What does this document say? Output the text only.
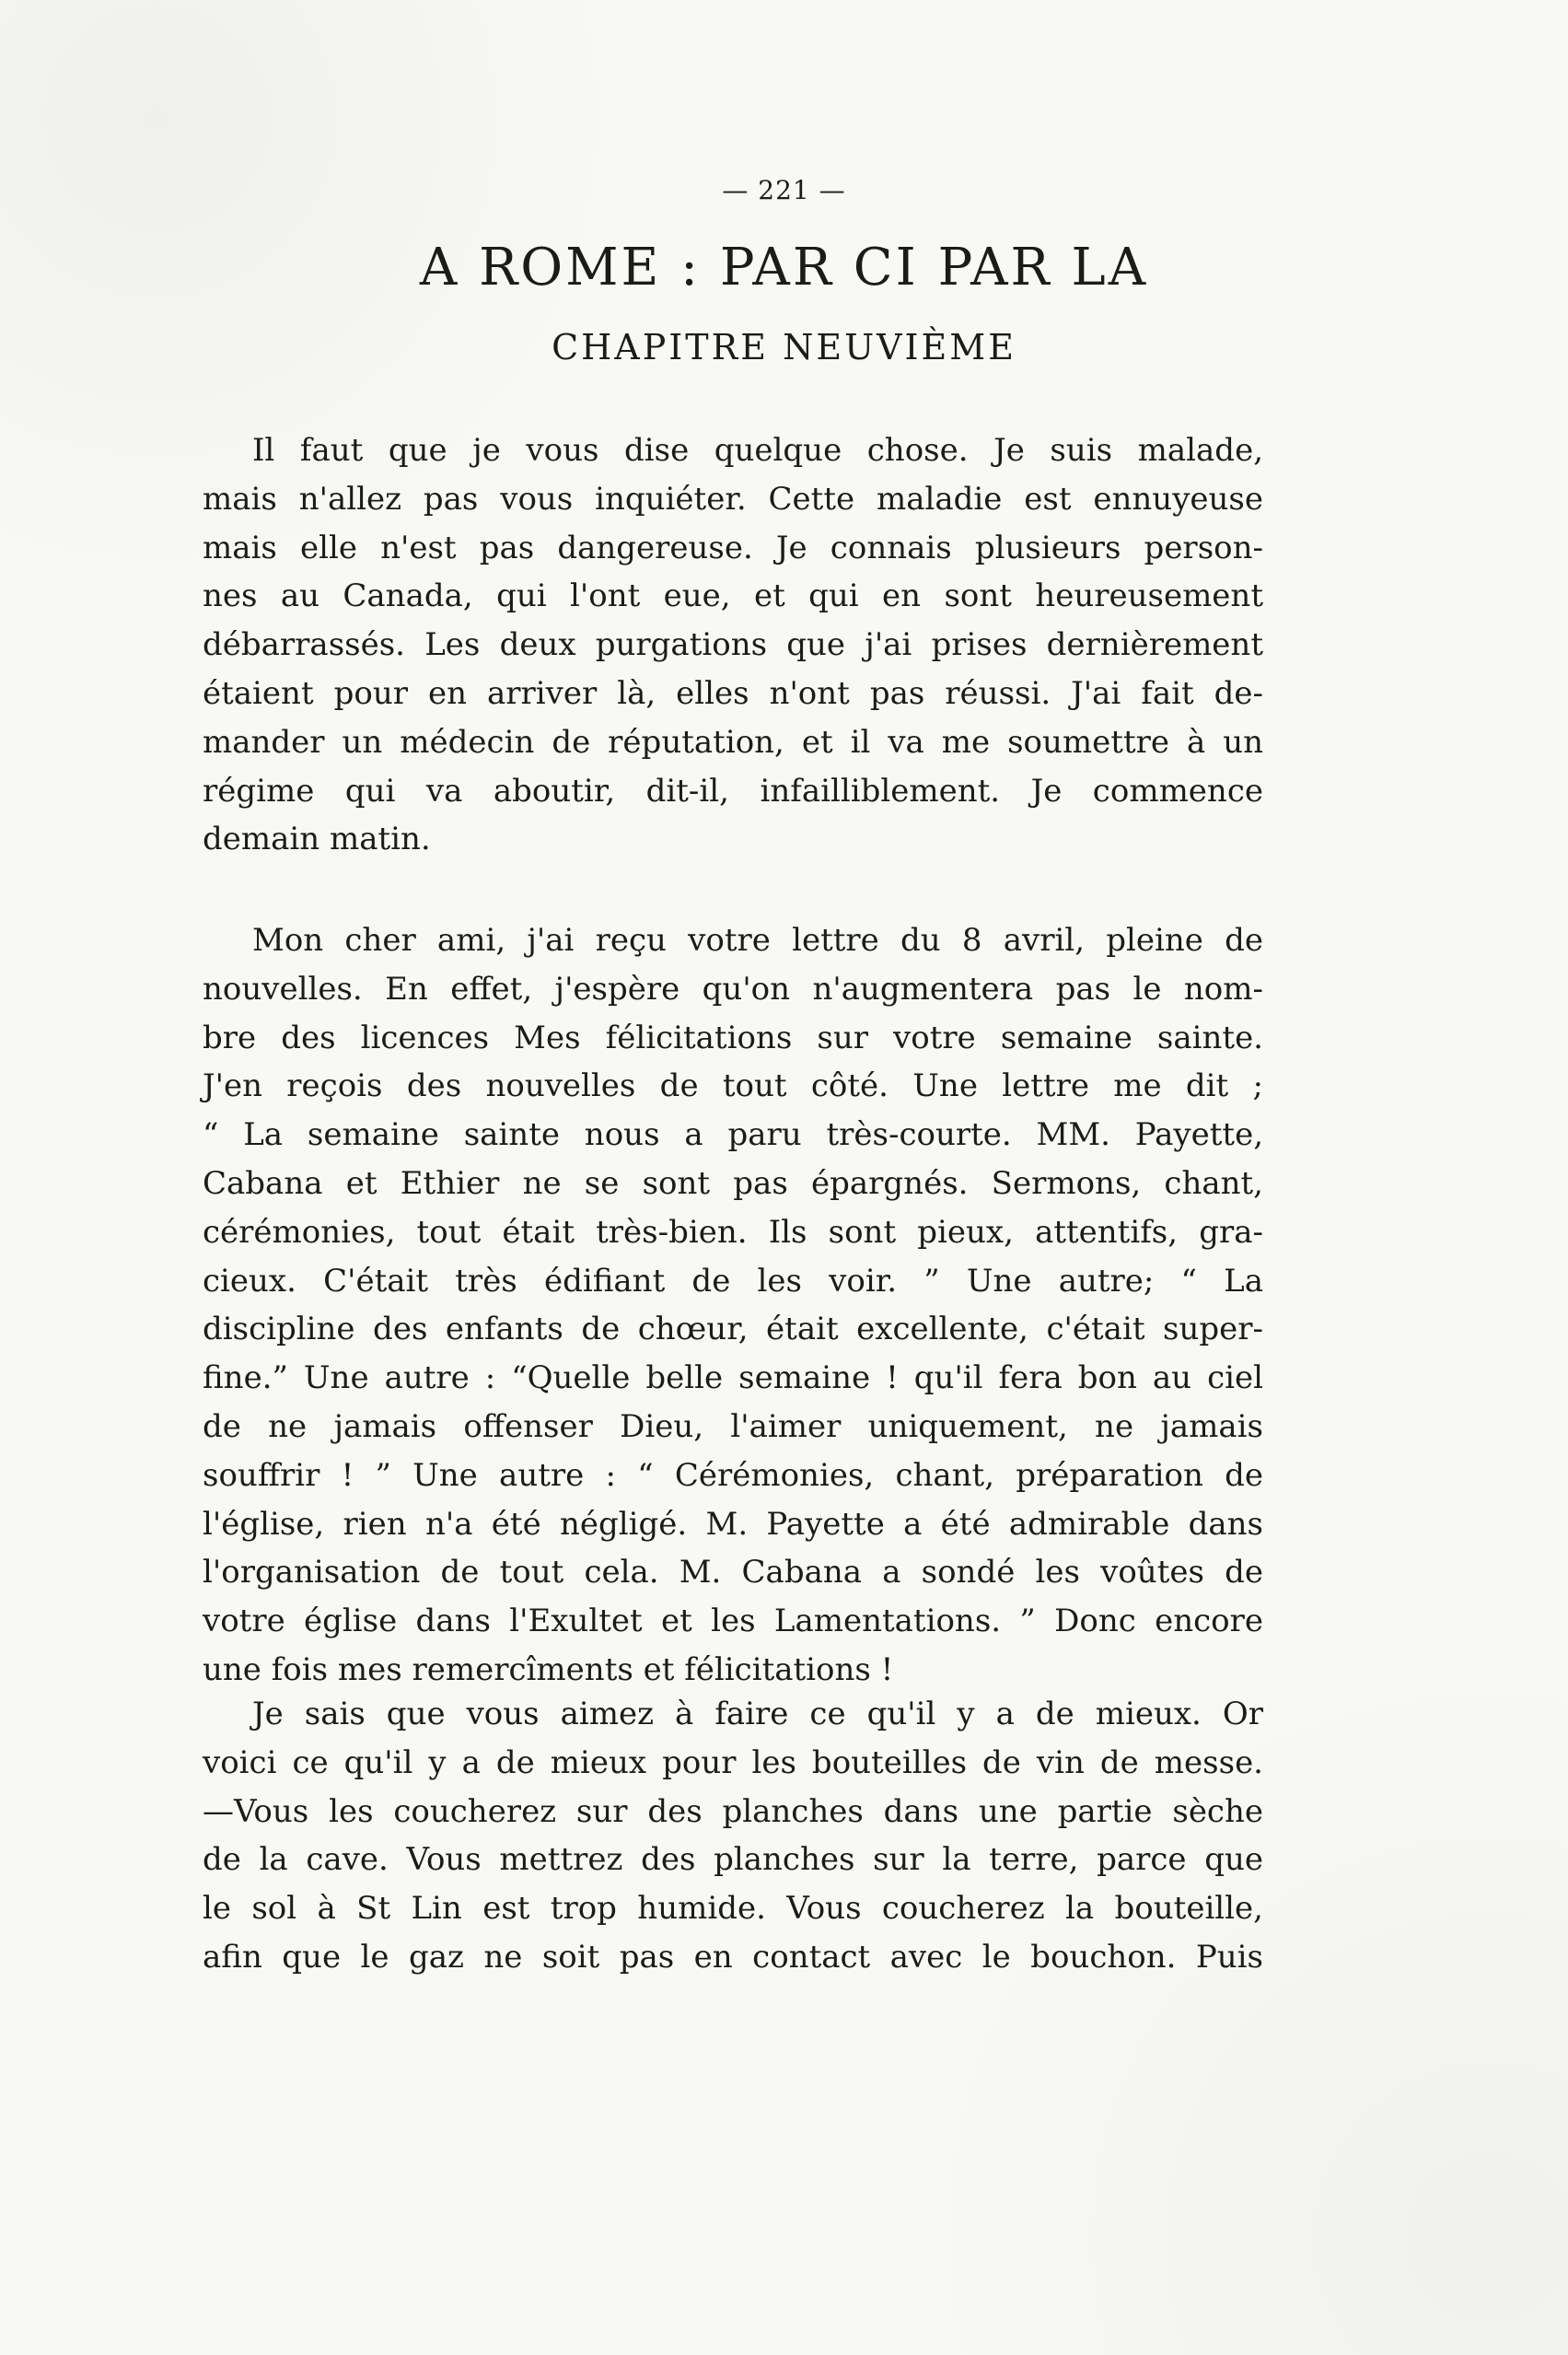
— 221 —
A ROME : PAR CI PAR LA
CHAPITRE NEUVIÈME
Il faut que je vous dise quelque chose. Je suis malade,
mais n'allez pas vous inquiéter. Cette maladie est ennuyeuse
mais elle n'est pas dangereuse. Je connais plusieurs person-
nes au Canada, qui l'ont eue, et qui en sont heureusement
débarrassés. Les deux purgations que j'ai prises dernièrement
étaient pour en arriver là, elles n'ont pas réussi. J'ai fait de-
mander un médecin de réputation, et il va me soumettre à un
régime qui va aboutir, dit-il, infailliblement. Je commence
demain matin.
Mon cher ami, j'ai reçu votre lettre du 8 avril, pleine de
nouvelles. En effet, j'espère qu'on n'augmentera pas le nom-
bre des licences Mes félicitations sur votre semaine sainte.
J'en reçois des nouvelles de tout côté. Une lettre me dit ;
“ La semaine sainte nous a paru très-courte. MM. Payette,
Cabana et Ethier ne se sont pas épargnés. Sermons, chant,
cérémonies, tout était très-bien. Ils sont pieux, attentifs, gra-
cieux. C'était très édifiant de les voir. ” Une autre; “ La
discipline des enfants de chœur, était excellente, c'était super-
fine.” Une autre : “Quelle belle semaine ! qu'il fera bon au ciel
de ne jamais offenser Dieu, l'aimer uniquement, ne jamais
souffrir ! ” Une autre : “ Cérémonies, chant, préparation de
l'église, rien n'a été négligé. M. Payette a été admirable dans
l'organisation de tout cela. M. Cabana a sondé les voûtes de
votre église dans l'Exultet et les Lamentations. ” Donc encore
une fois mes remercîments et félicitations !
Je sais que vous aimez à faire ce qu'il y a de mieux. Or
voici ce qu'il y a de mieux pour les bouteilles de vin de messe.
—Vous les coucherez sur des planches dans une partie sèche
de la cave. Vous mettrez des planches sur la terre, parce que
le sol à St Lin est trop humide. Vous coucherez la bouteille,
afin que le gaz ne soit pas en contact avec le bouchon. Puis
